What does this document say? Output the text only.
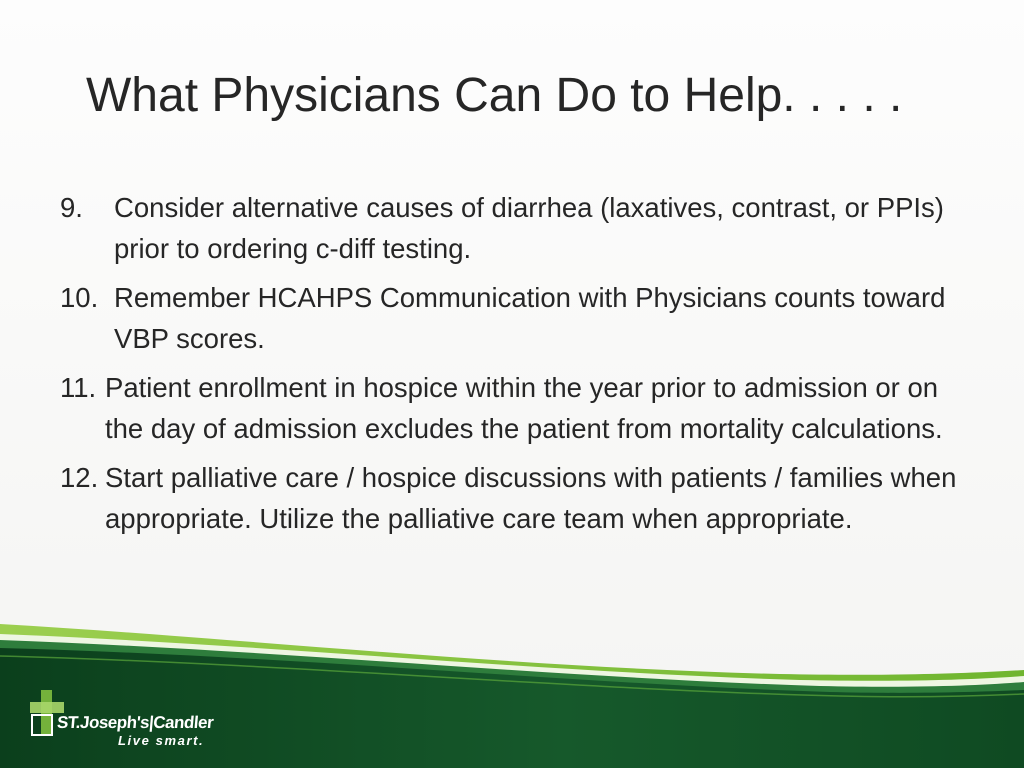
What Physicians Can Do to Help. . . . .
9.	Consider alternative causes of diarrhea (laxatives, contrast, or PPIs) prior to ordering c-diff testing.
10. Remember HCAHPS Communication with Physicians counts toward VBP scores.
11. Patient enrollment in hospice within the year prior to admission or on the day of admission excludes the patient from mortality calculations.
12. Start palliative care / hospice discussions with patients / families when appropriate. Utilize the palliative care team when appropriate.
ST.Joseph's|Candler
Live smart.
